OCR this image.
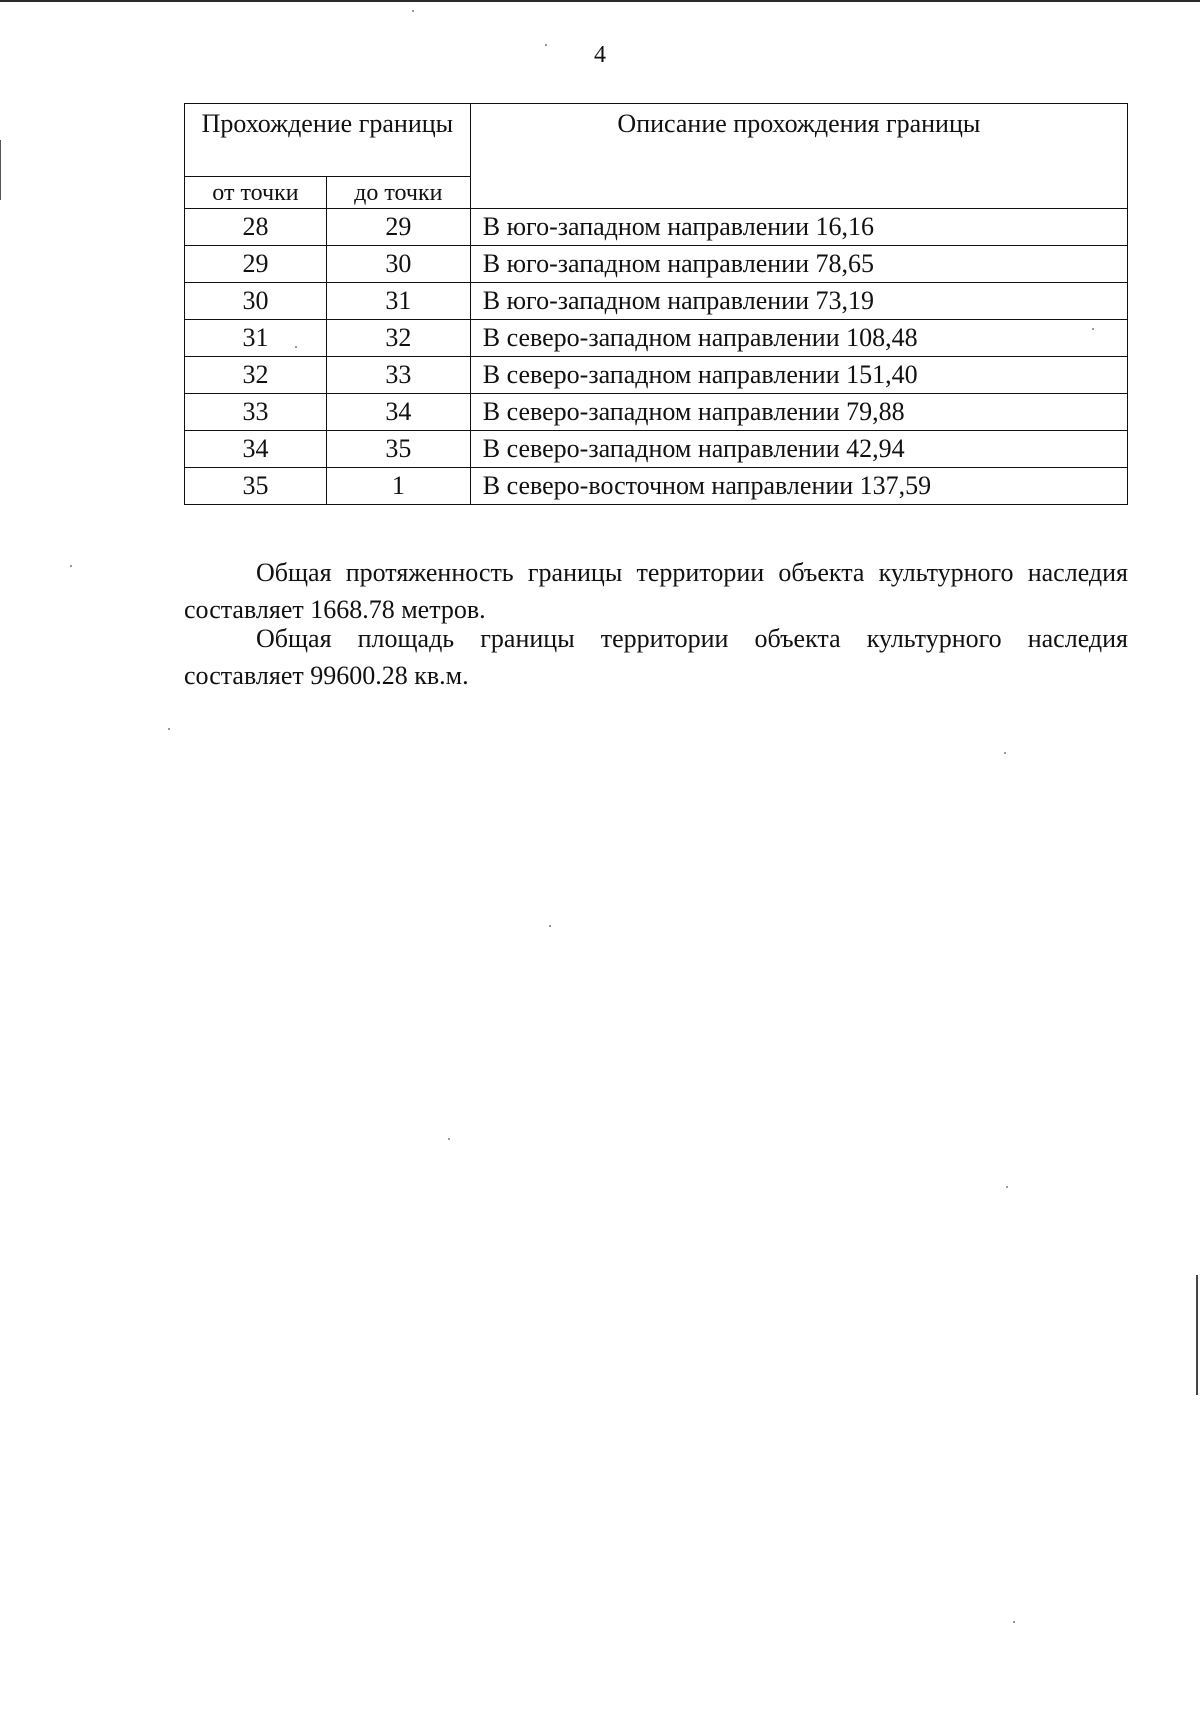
4
Прохождение границы		Описание прохождения границы
от точки	до точки	
28	29	В юго-западном направлении 16,16
29	30	В юго-западном направлении 78,65
30	31	В юго-западном направлении 73,19
31	32	В северо-западном направлении 108,48
32	33	В северо-западном направлении 151,40
33	34	В северо-западном направлении 79,88
34	35	В северо-западном направлении 42,94
35	1	В северо-восточном направлении 137,59

Общая протяженность границы территории объекта культурного наследия составляет 1668.78 метров.

Общая площадь границы территории объекта культурного наследия составляет 99600.28 кв.м.
